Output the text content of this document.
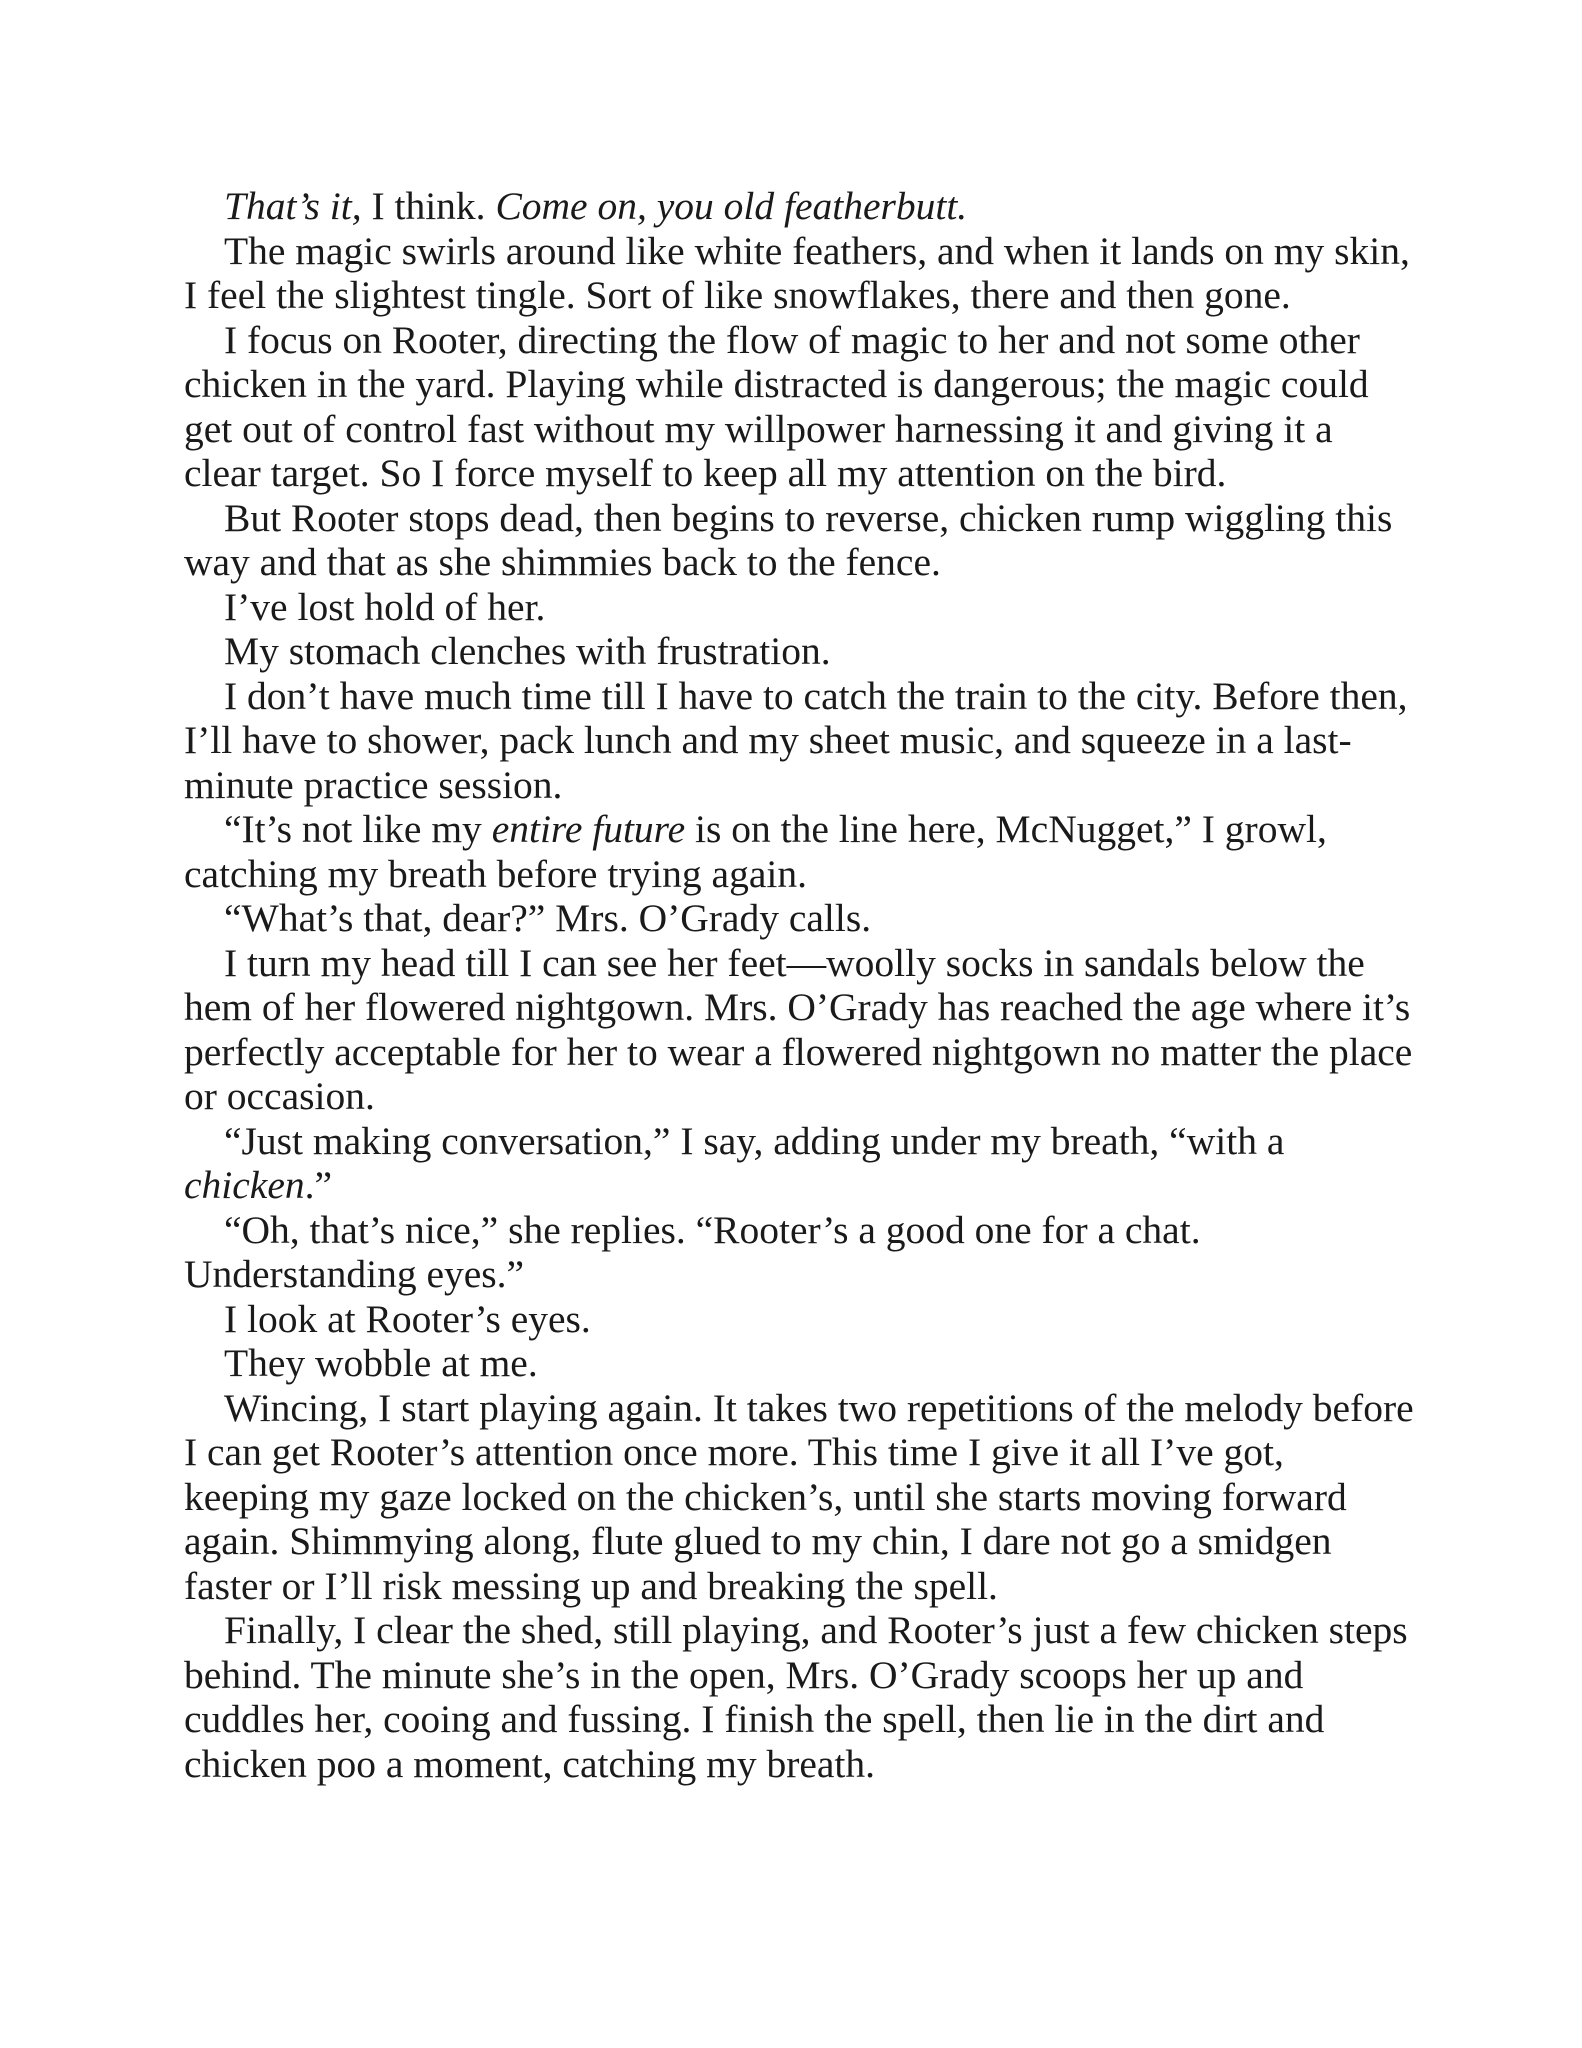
That’s it, I think. Come on, you old featherbutt.

The magic swirls around like white feathers, and when it lands on my skin, I feel the slightest tingle. Sort of like snowflakes, there and then gone.

I focus on Rooter, directing the flow of magic to her and not some other chicken in the yard. Playing while distracted is dangerous; the magic could get out of control fast without my willpower harnessing it and giving it a clear target. So I force myself to keep all my attention on the bird.

But Rooter stops dead, then begins to reverse, chicken rump wiggling this way and that as she shimmies back to the fence.

I’ve lost hold of her.

My stomach clenches with frustration.

I don’t have much time till I have to catch the train to the city. Before then, I’ll have to shower, pack lunch and my sheet music, and squeeze in a last-minute practice session.

“It’s not like my entire future is on the line here, McNugget,” I growl, catching my breath before trying again.

“What’s that, dear?” Mrs. O’Grady calls.

I turn my head till I can see her feet—woolly socks in sandals below the hem of her flowered nightgown. Mrs. O’Grady has reached the age where it’s perfectly acceptable for her to wear a flowered nightgown no matter the place or occasion.

“Just making conversation,” I say, adding under my breath, “with a chicken.”

“Oh, that’s nice,” she replies. “Rooter’s a good one for a chat. Understanding eyes.”

I look at Rooter’s eyes.

They wobble at me.

Wincing, I start playing again. It takes two repetitions of the melody before I can get Rooter’s attention once more. This time I give it all I’ve got, keeping my gaze locked on the chicken’s, until she starts moving forward again. Shimmying along, flute glued to my chin, I dare not go a smidgen faster or I’ll risk messing up and breaking the spell.

Finally, I clear the shed, still playing, and Rooter’s just a few chicken steps behind. The minute she’s in the open, Mrs. O’Grady scoops her up and cuddles her, cooing and fussing. I finish the spell, then lie in the dirt and chicken poo a moment, catching my breath.
